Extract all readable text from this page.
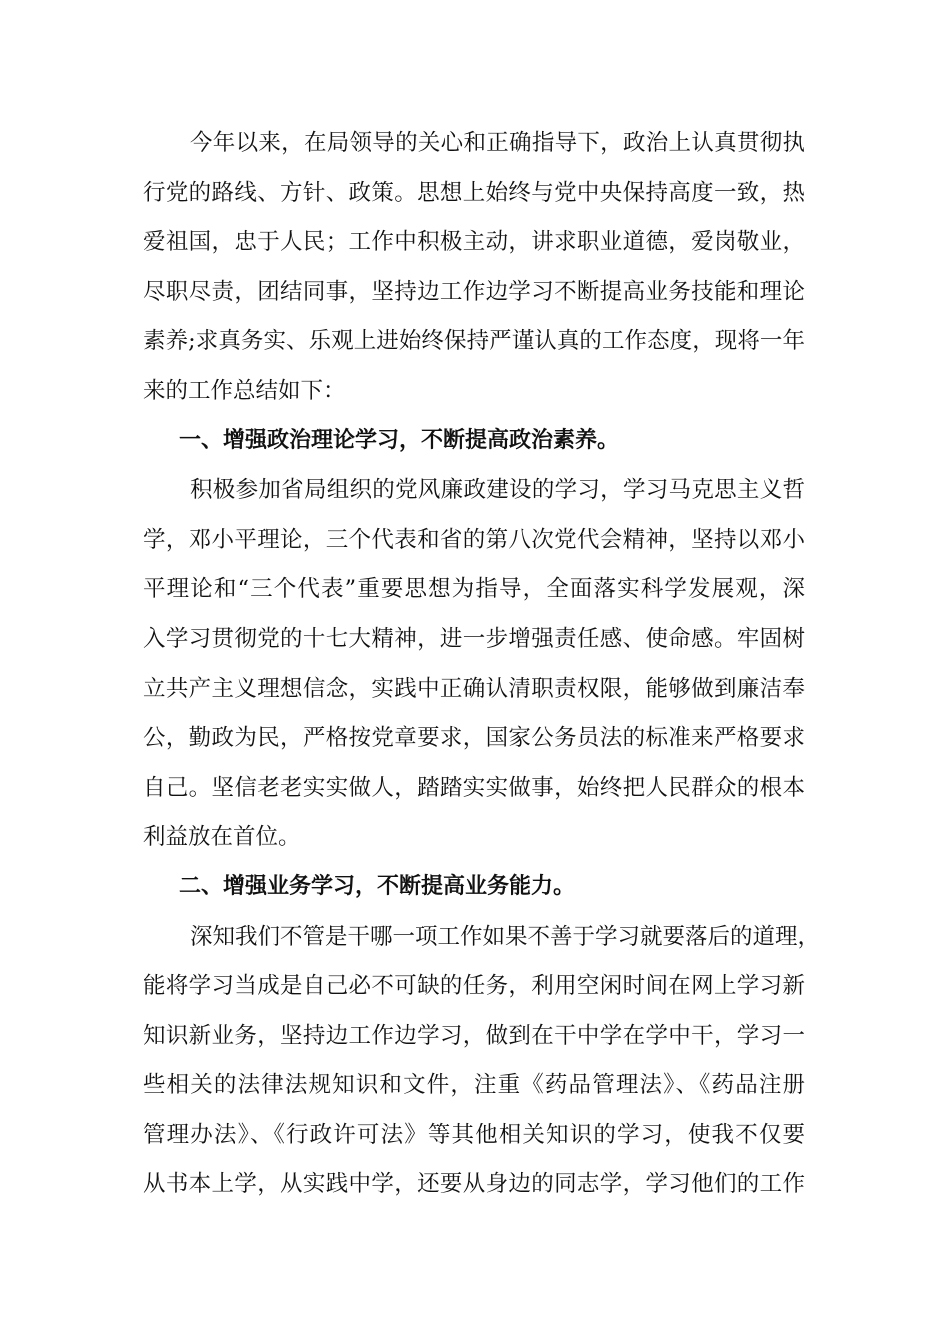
今年以来，在局领导的关心和正确指导下，政治上认真贯彻执
行党的路线、方针、政策。思想上始终与党中央保持高度一致，热
爱祖国，忠于人民；工作中积极主动，讲求职业道德，爱岗敬业，
尽职尽责，团结同事，坚持边工作边学习不断提高业务技能和理论
素养;求真务实、乐观上进始终保持严谨认真的工作态度，现将一年
来的工作总结如下：
一、增强政治理论学习，不断提高政治素养。
积极参加省局组织的党风廉政建设的学习，学习马克思主义哲
学，邓小平理论，三个代表和省的第八次党代会精神，坚持以邓小
平理论和“三个代表”重要思想为指导，全面落实科学发展观，深
入学习贯彻党的十七大精神，进一步增强责任感、使命感。牢固树
立共产主义理想信念，实践中正确认清职责权限，能够做到廉洁奉
公，勤政为民，严格按党章要求，国家公务员法的标准来严格要求
自己。坚信老老实实做人，踏踏实实做事，始终把人民群众的根本
利益放在首位。
二、增强业务学习，不断提高业务能力。
深知我们不管是干哪一项工作如果不善于学习就要落后的道理，
能将学习当成是自己必不可缺的任务，利用空闲时间在网上学习新
知识新业务，坚持边工作边学习，做到在干中学在学中干，学习一
些相关的法律法规知识和文件，注重《药品管理法》、《药品注册
管理办法》、《行政许可法》等其他相关知识的学习，使我不仅要
从书本上学，从实践中学，还要从身边的同志学，学习他们的工作
